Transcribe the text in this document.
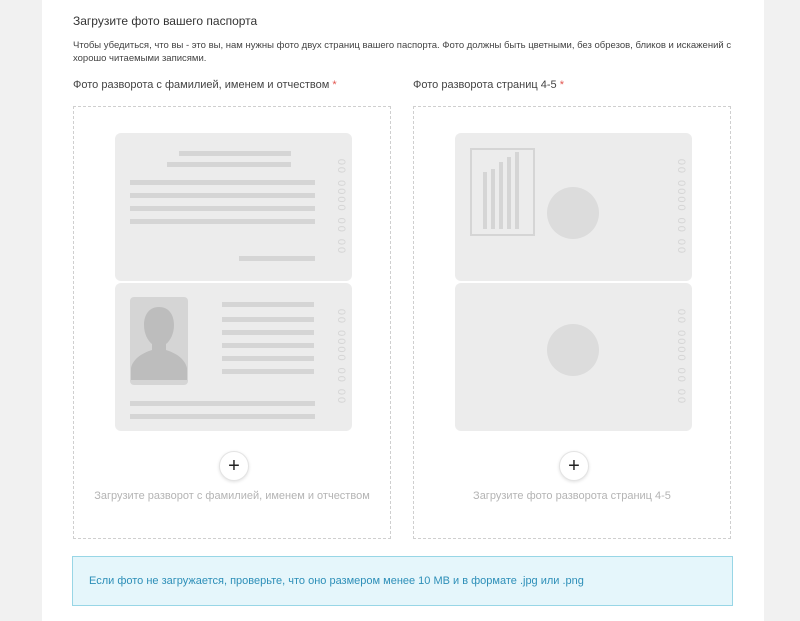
Загрузите фото вашего паспорта
Чтобы убедиться, что вы - это вы, нам нужны фото двух страниц вашего паспорта. Фото должны быть цветными, без обрезов, бликов и искажений с хорошо читаемыми записями.
Фото разворота с фамилией, именем и отчеством *	Фото разворота страниц 4-5 *
00 0000 00 00
00 0000 00 00
+
Загрузите разворот с фамилией, именем и отчеством
00 0000 00 00
00 0000 00 00
+
Загрузите фото разворота страниц 4-5
Если фото не загружается, проверьте, что оно размером менее 10 MB и в формате .jpg или .png
